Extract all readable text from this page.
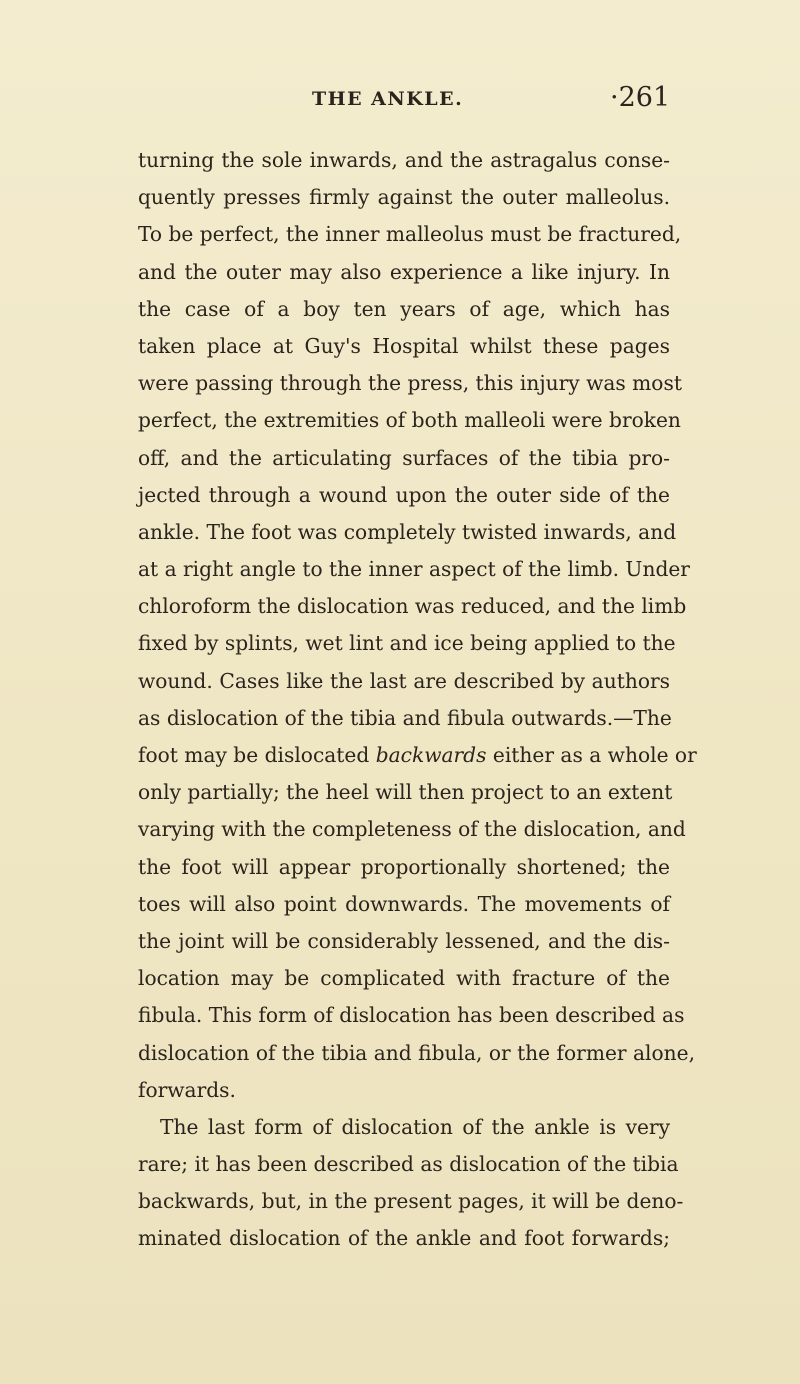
THE ANKLE.	·261
turning the sole inwards, and the astragalus conse-
quently presses firmly against the outer malleolus.
To be perfect, the inner malleolus must be fractured,
and the outer may also experience a like injury. In
the case of a boy ten years of age, which has
taken place at Guy's Hospital whilst these pages
were passing through the press, this injury was most
perfect, the extremities of both malleoli were broken
off, and the articulating surfaces of the tibia pro-
jected through a wound upon the outer side of the
ankle. The foot was completely twisted inwards, and
at a right angle to the inner aspect of the limb. Under
chloroform the dislocation was reduced, and the limb
fixed by splints, wet lint and ice being applied to the
wound. Cases like the last are described by authors
as dislocation of the tibia and fibula outwards.—The
foot may be dislocated backwards either as a whole or
only partially; the heel will then project to an extent
varying with the completeness of the dislocation, and
the foot will appear proportionally shortened; the
toes will also point downwards. The movements of
the joint will be considerably lessened, and the dis-
location may be complicated with fracture of the
fibula. This form of dislocation has been described as
dislocation of the tibia and fibula, or the former alone,
forwards.
The last form of dislocation of the ankle is very
rare; it has been described as dislocation of the tibia
backwards, but, in the present pages, it will be deno-
minated dislocation of the ankle and foot forwards;
